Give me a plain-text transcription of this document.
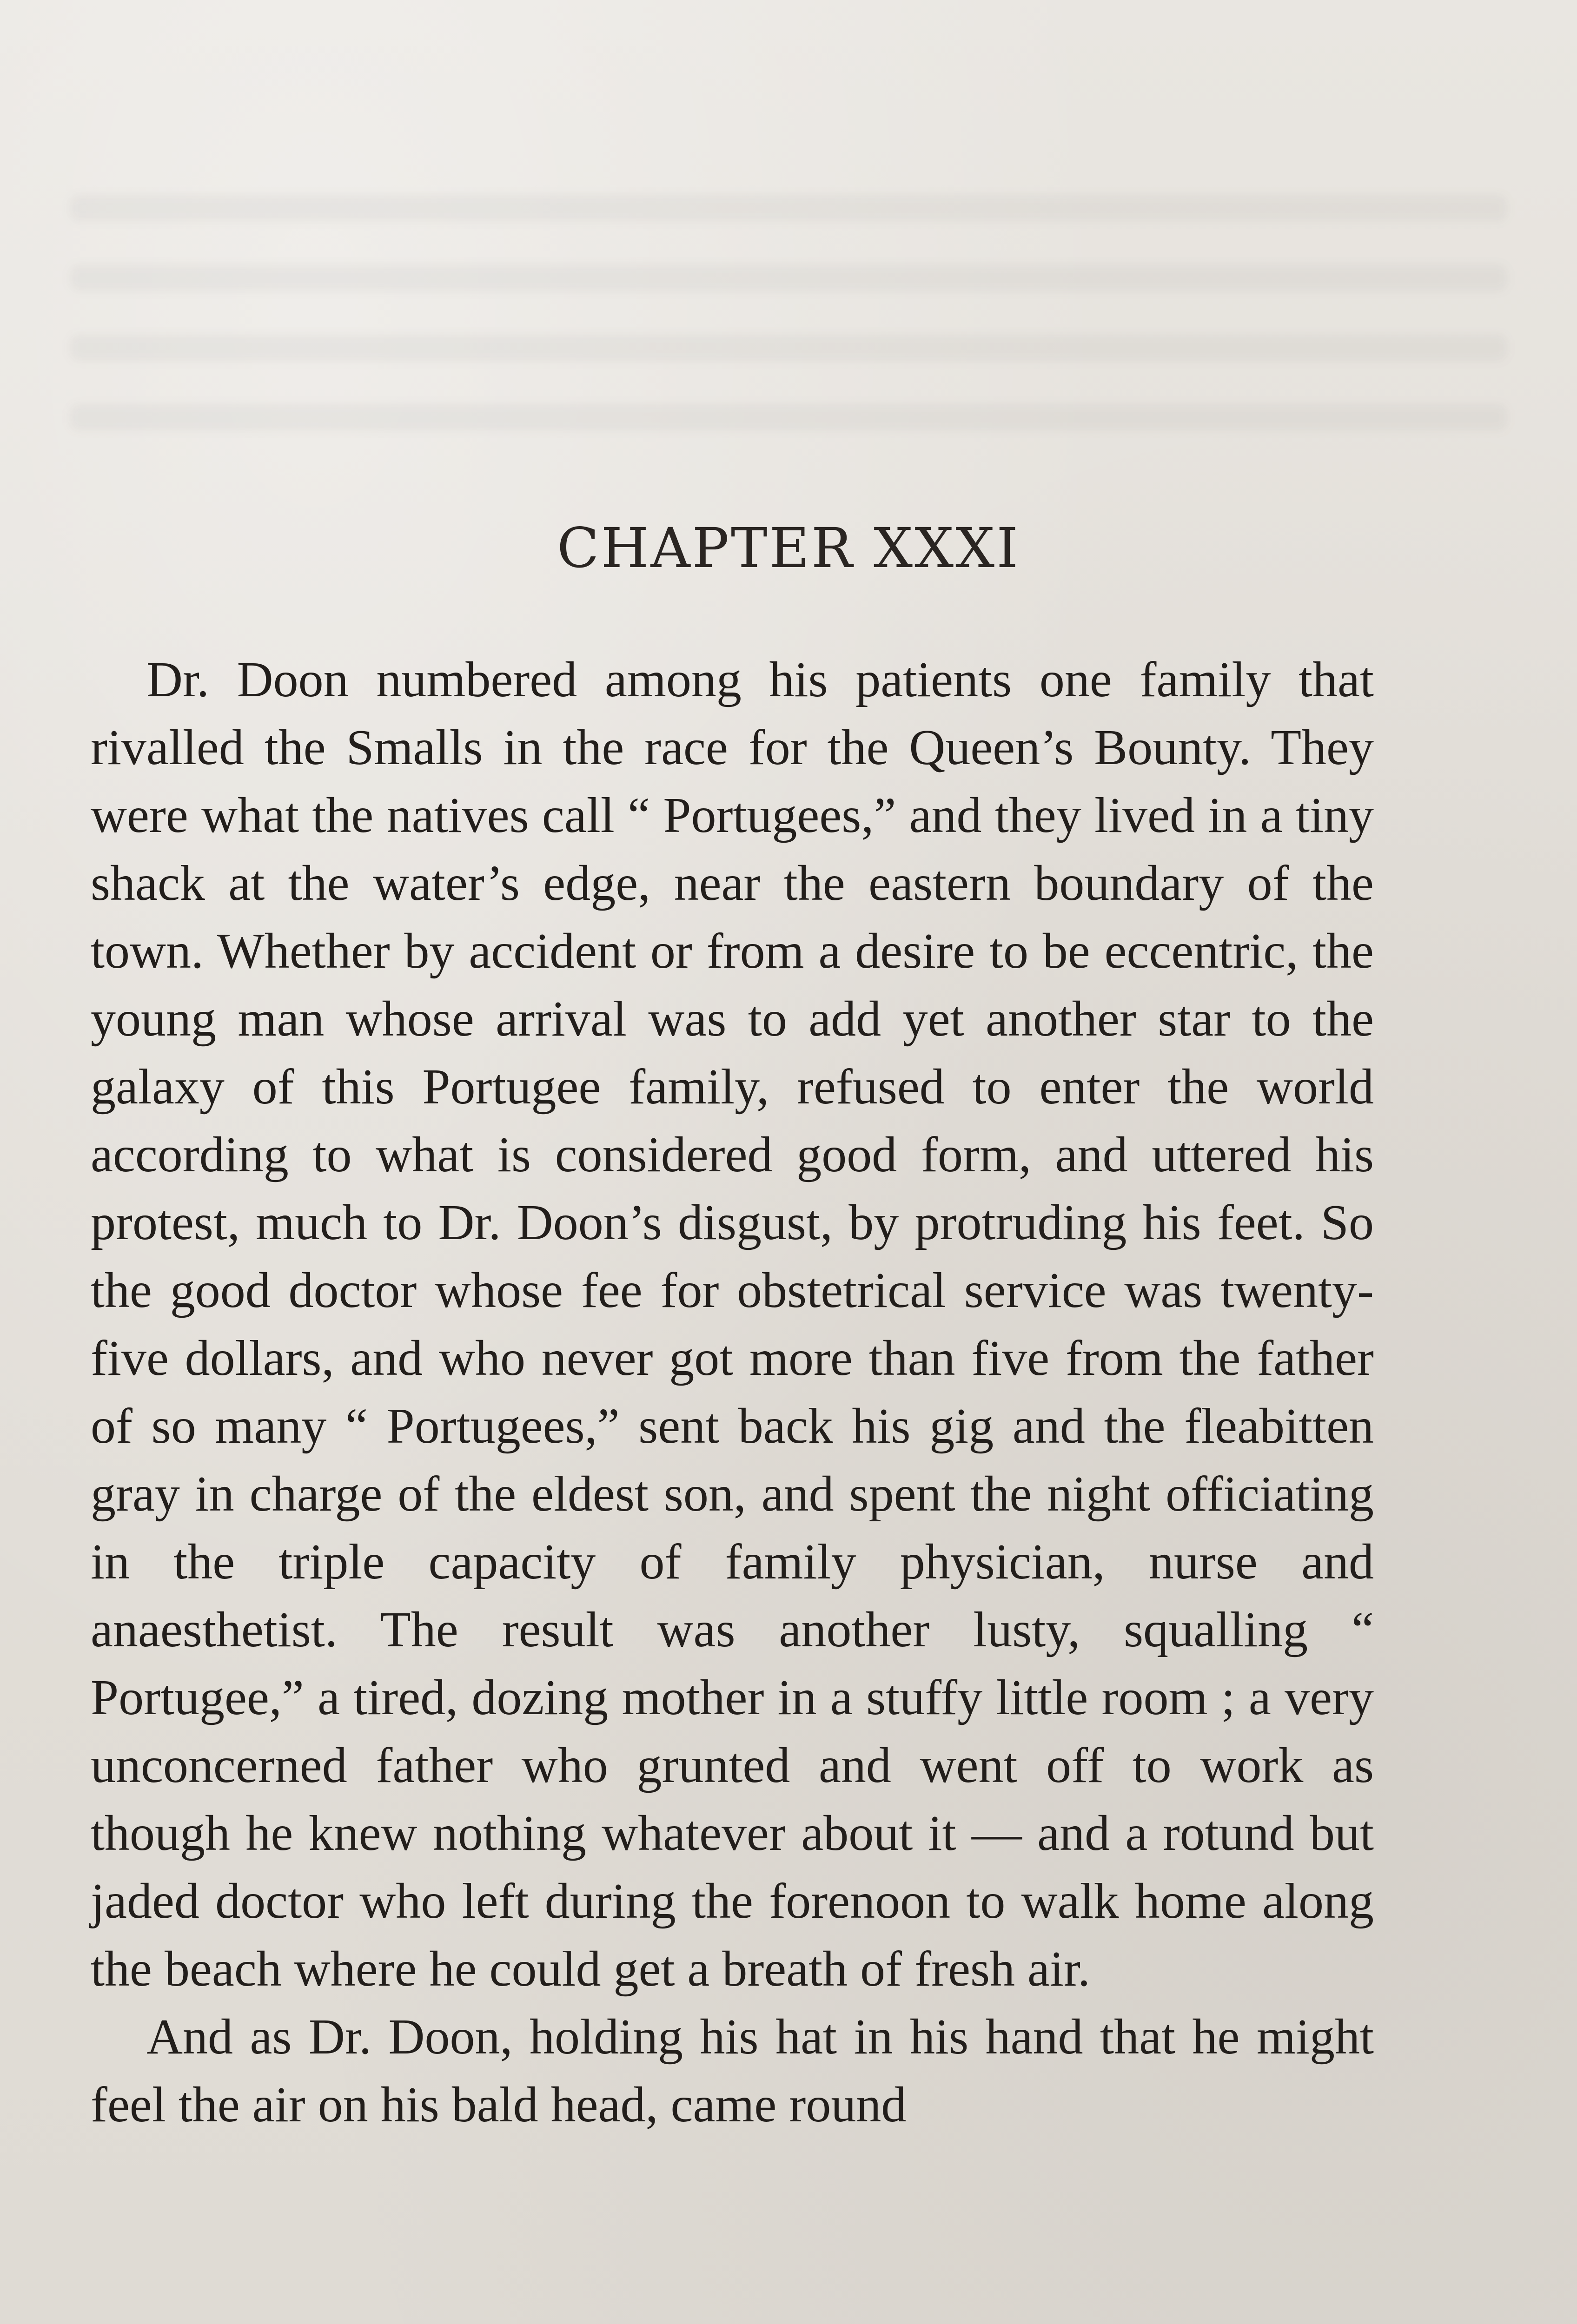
CHAPTER XXXI

Dr. Doon numbered among his patients one family that rivalled the Smalls in the race for the Queen’s Bounty. They were what the natives call “ Portugees,” and they lived in a tiny shack at the water’s edge, near the eastern boundary of the town. Whether by accident or from a desire to be eccentric, the young man whose arrival was to add yet another star to the galaxy of this Portugee family, refused to enter the world according to what is considered good form, and uttered his protest, much to Dr. Doon’s disgust, by protruding his feet. So the good doctor whose fee for obstetrical service was twenty-five dollars, and who never got more than five from the father of so many “ Portugees,” sent back his gig and the fleabitten gray in charge of the eldest son, and spent the night officiating in the triple capacity of family physician, nurse and anaesthetist. The result was another lusty, squalling “ Portugee,” a tired, dozing mother in a stuffy little room ; a very unconcerned father who grunted and went off to work as though he knew nothing whatever about it — and a rotund but jaded doctor who left during the forenoon to walk home along the beach where he could get a breath of fresh air.

And as Dr. Doon, holding his hat in his hand that he might feel the air on his bald head, came round
